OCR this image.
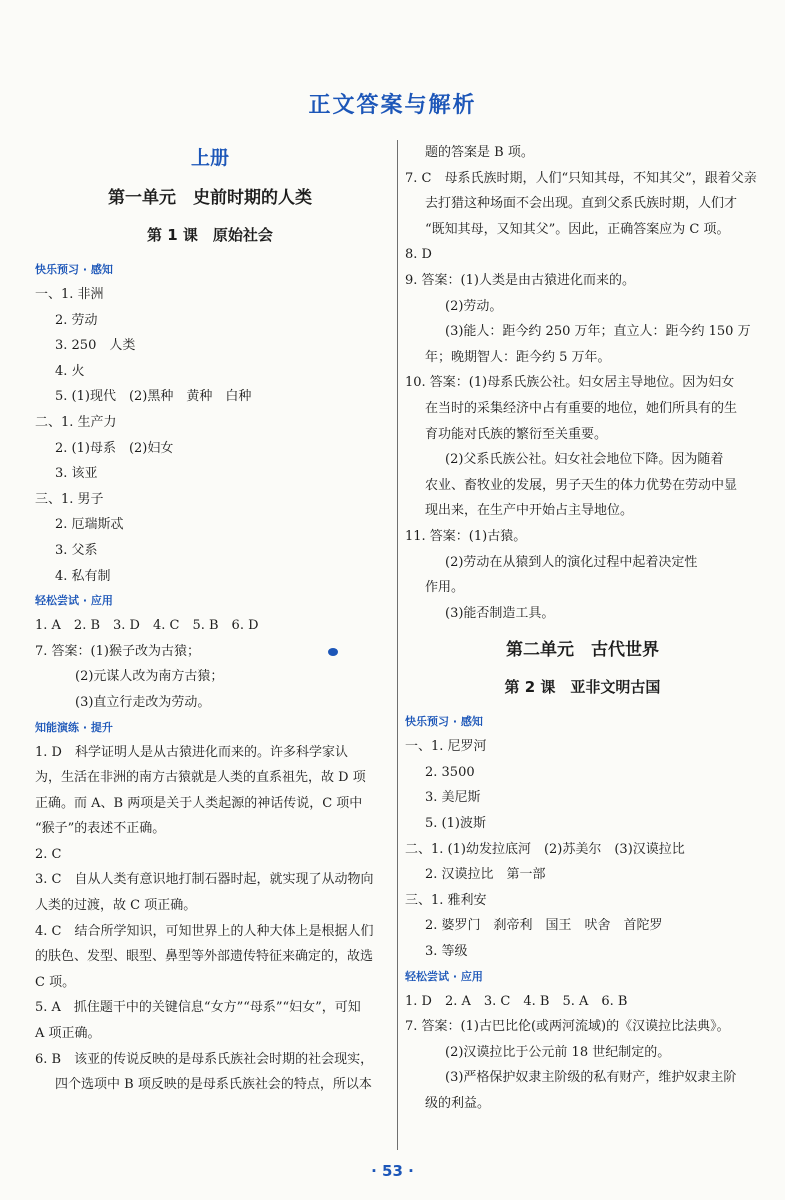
正文答案与解析
上册
第一单元　史前时期的人类
第 1 课　原始社会
快乐预习 · 感知
一、1. 非洲
2. 劳动
3. 250　人类
4. 火
5. (1)现代　(2)黑种　黄种　白种
二、1. 生产力
2. (1)母系　(2)妇女
3. 该亚
三、1. 男子
2. 厄瑞斯忒
3. 父系
4. 私有制
轻松尝试 · 应用
1. A　2. B　3. D　4. C　5. B　6. D
7. 答案：(1)猴子改为古猿；
(2)元谋人改为南方古猿；
(3)直立行走改为劳动。
知能演练 · 提升
1. D　科学证明人是从古猿进化而来的。许多科学家认
为，生活在非洲的南方古猿就是人类的直系祖先，故 D 项
正确。而 A、B 两项是关于人类起源的神话传说，C 项中
“猴子”的表述不正确。
2. C
3. C　自从人类有意识地打制石器时起，就实现了从动物向
人类的过渡，故 C 项正确。
4. C　结合所学知识，可知世界上的人种大体上是根据人们
的肤色、发型、眼型、鼻型等外部遗传特征来确定的，故选
C 项。
5. A　抓住题干中的关键信息“女方”“母系”“妇女”，可知
A 项正确。
6. B　该亚的传说反映的是母系氏族社会时期的社会现实，
四个选项中 B 项反映的是母系氏族社会的特点，所以本
题的答案是 B 项。
7. C　母系氏族时期，人们“只知其母，不知其父”，跟着父亲
去打猎这种场面不会出现。直到父系氏族时期，人们才
“既知其母，又知其父”。因此，正确答案应为 C 项。
8. D
9. 答案：(1)人类是由古猿进化而来的。
(2)劳动。
(3)能人：距今约 250 万年；直立人：距今约 150 万
年；晚期智人：距今约 5 万年。
10. 答案：(1)母系氏族公社。妇女居主导地位。因为妇女
在当时的采集经济中占有重要的地位，她们所具有的生
育功能对氏族的繁衍至关重要。
(2)父系氏族公社。妇女社会地位下降。因为随着
农业、畜牧业的发展，男子天生的体力优势在劳动中显
现出来，在生产中开始占主导地位。
11. 答案：(1)古猿。
(2)劳动在从猿到人的演化过程中起着决定性
作用。
(3)能否制造工具。
第二单元　古代世界
第 2 课　亚非文明古国
快乐预习 · 感知
一、1. 尼罗河
2. 3500
3. 美尼斯
5. (1)波斯
二、1. (1)幼发拉底河　(2)苏美尔　(3)汉谟拉比
2. 汉谟拉比　第一部
三、1. 雅利安
2. 婆罗门　刹帝利　国王　吠舍　首陀罗
3. 等级
轻松尝试 · 应用
1. D　2. A　3. C　4. B　5. A　6. B
7. 答案：(1)古巴比伦(或两河流域)的《汉谟拉比法典》。
(2)汉谟拉比于公元前 18 世纪制定的。
(3)严格保护奴隶主阶级的私有财产，维护奴隶主阶
级的利益。
· 53 ·
